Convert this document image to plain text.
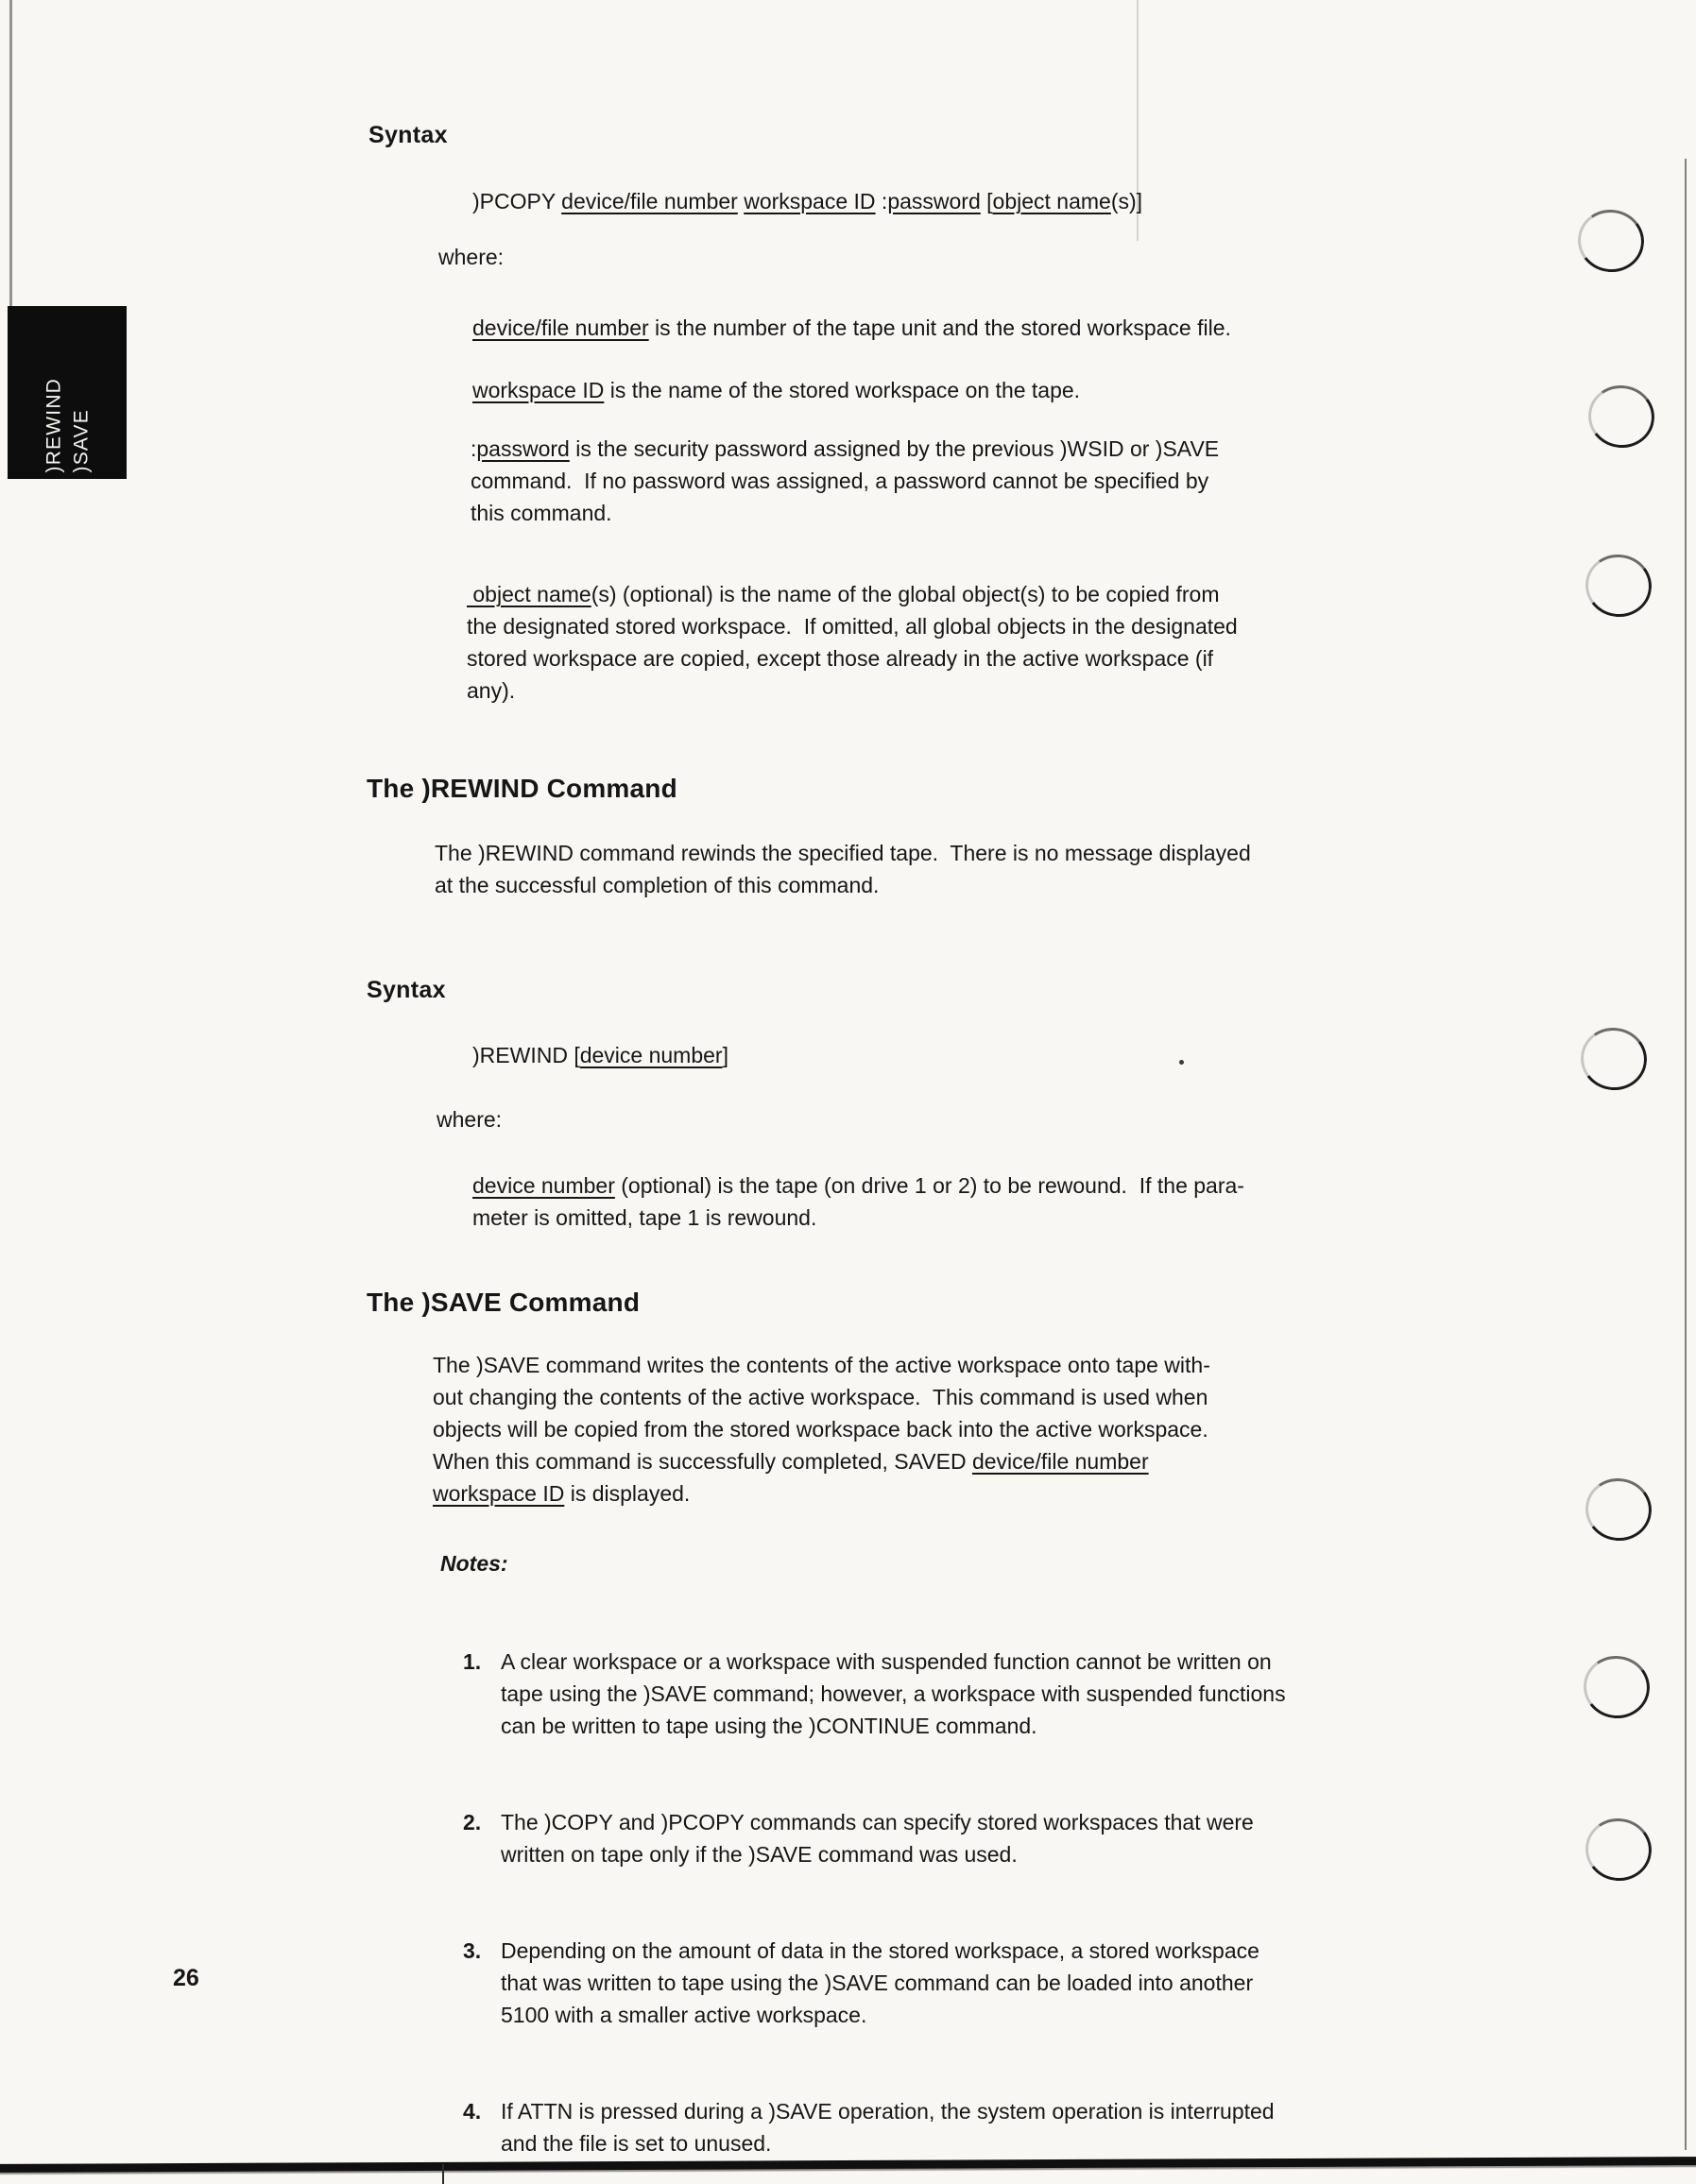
)REWIND )SAVE
Syntax
)PCOPY device/file number workspace ID :password [object name(s)]
where:
device/file number is the number of the tape unit and the stored workspace file.
workspace ID is the name of the stored workspace on the tape.
:password is the security password assigned by the previous )WSID or )SAVE
command.  If no password was assigned, a password cannot be specified by
this command.
object name(s) (optional) is the name of the global object(s) to be copied from
the designated stored workspace.  If omitted, all global objects in the designated
stored workspace are copied, except those already in the active workspace (if
any).
The )REWIND Command
The )REWIND command rewinds the specified tape.  There is no message displayed
at the successful completion of this command.
Syntax
)REWIND [device number]
where:
device number (optional) is the tape (on drive 1 or 2) to be rewound.  If the para-
meter is omitted, tape 1 is rewound.
The )SAVE Command
The )SAVE command writes the contents of the active workspace onto tape with-
out changing the contents of the active workspace.  This command is used when
objects will be copied from the stored workspace back into the active workspace.
When this command is successfully completed, SAVED device/file number
workspace ID is displayed.
Notes:

1. A clear workspace or a workspace with suspended function cannot be written on
tape using the )SAVE command; however, a workspace with suspended functions
can be written to tape using the )CONTINUE command.

2. The )COPY and )PCOPY commands can specify stored workspaces that were
written on tape only if the )SAVE command was used.

3. Depending on the amount of data in the stored workspace, a stored workspace
that was written to tape using the )SAVE command can be loaded into another
5100 with a smaller active workspace.

4. If ATTN is pressed during a )SAVE operation, the system operation is interrupted
and the file is set to unused.

26
